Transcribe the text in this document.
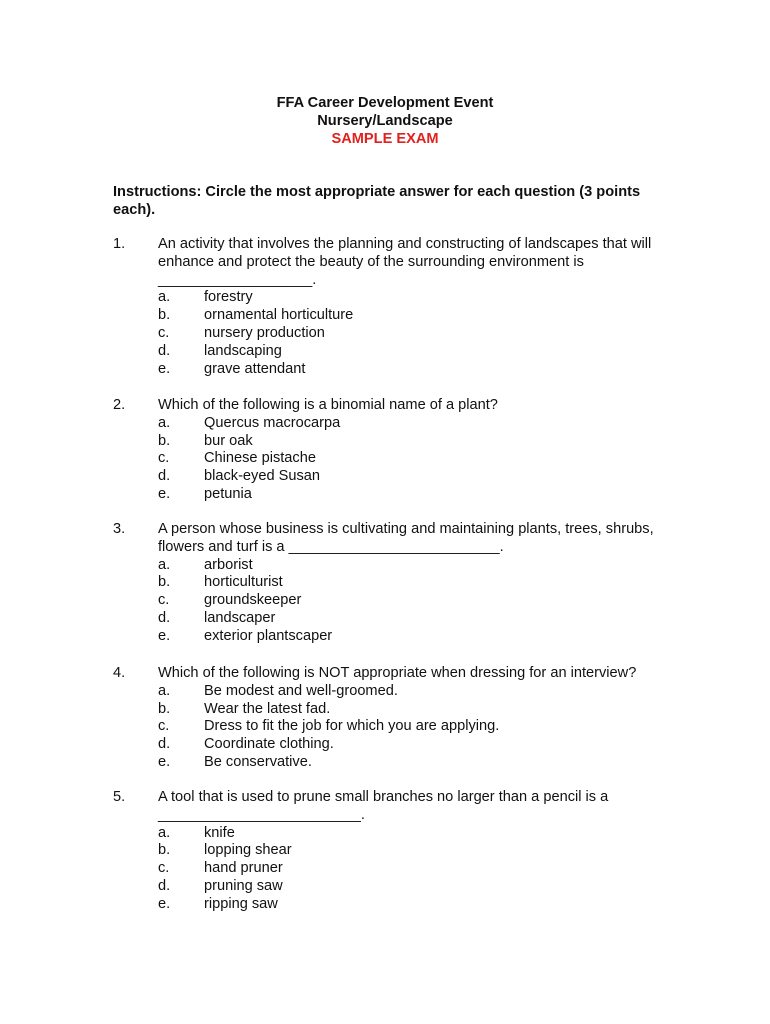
FFA Career Development Event
Nursery/Landscape
SAMPLE EXAM
Instructions: Circle the most appropriate answer for each question (3 points each).
1.	An activity that involves the planning and constructing of landscapes that will enhance and protect the beauty of the surrounding environment is
___________________.
a.	forestry
b.	ornamental horticulture
c.	nursery production
d.	landscaping
e.	grave attendant
2.	Which of the following is a binomial name of a plant?
a.	Quercus macrocarpa
b.	bur oak
c.	Chinese pistache
d.	black-eyed Susan
e.	petunia
3.	A person whose business is cultivating and maintaining plants, trees, shrubs, flowers and turf is a __________________________.
a.	arborist
b.	horticulturist
c.	groundskeeper
d.	landscaper
e.	exterior plantscaper
4.	Which of the following is NOT appropriate when dressing for an interview?
a.	Be modest and well-groomed.
b.	Wear the latest fad.
c.	Dress to fit the job for which you are applying.
d.	Coordinate clothing.
e.	Be conservative.
5.	A tool that is used to prune small branches no larger than a pencil is a
_________________________.
a.	knife
b.	lopping shear
c.	hand pruner
d.	pruning saw
e.	ripping saw
